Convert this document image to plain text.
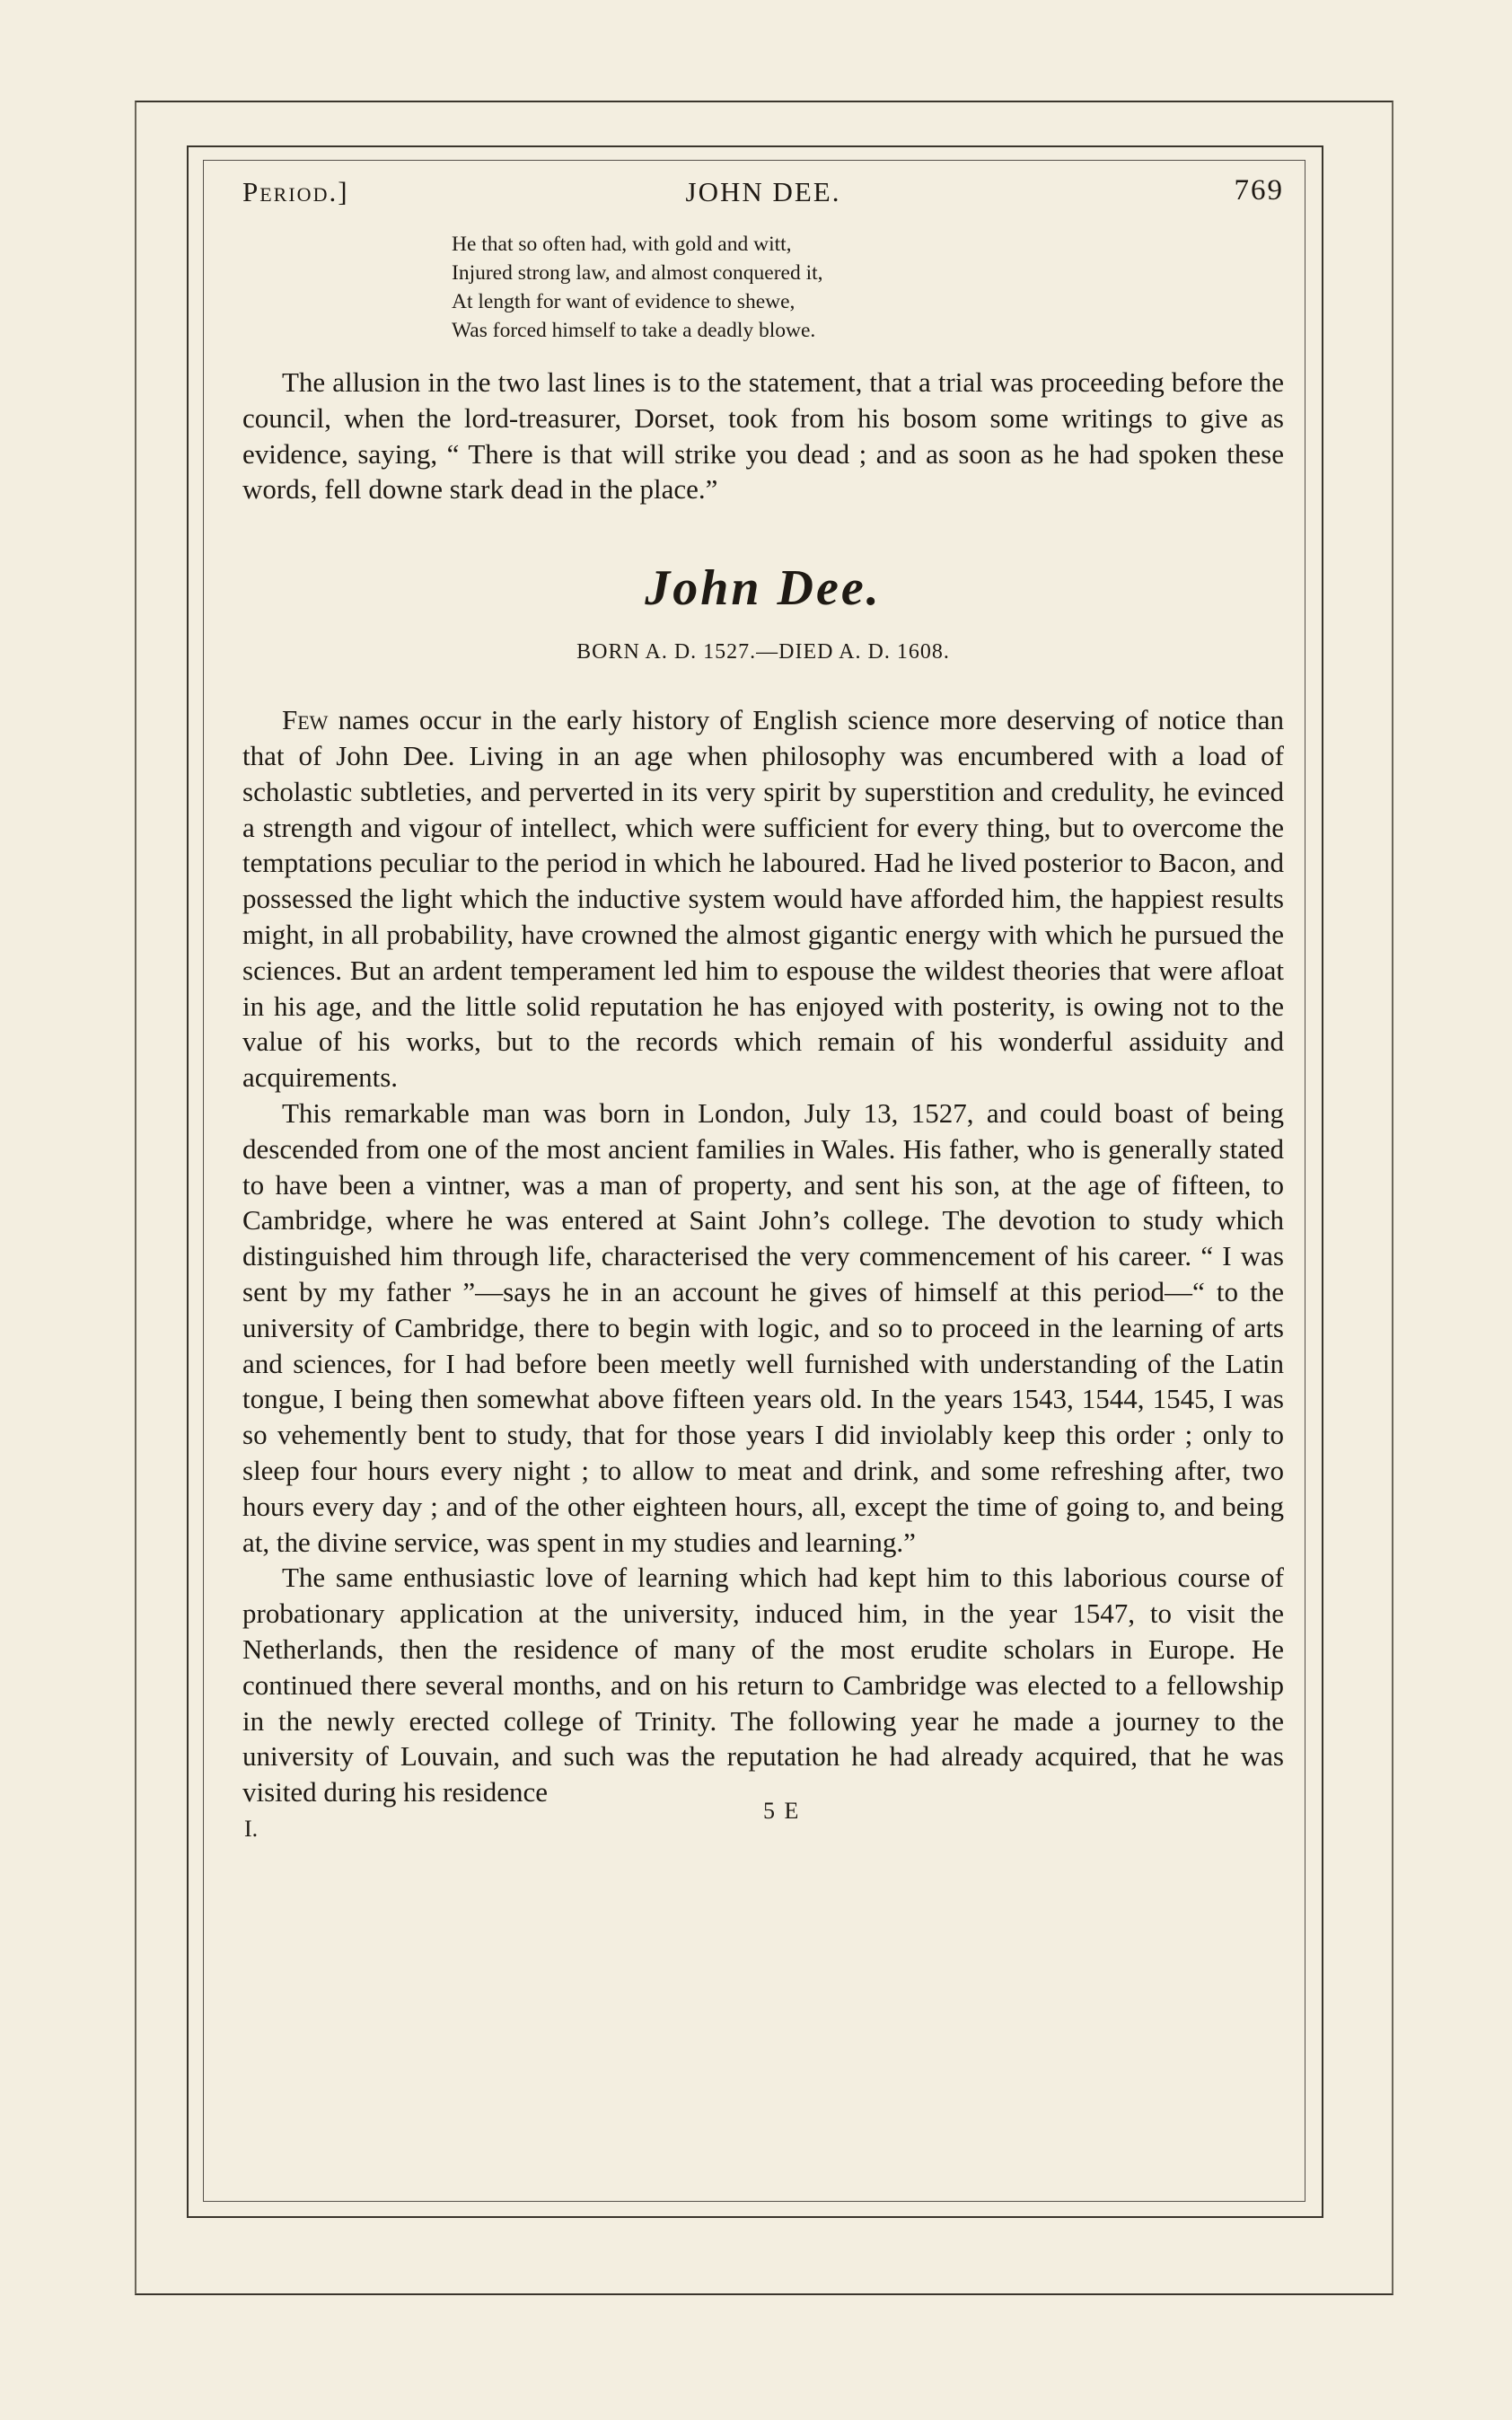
Period.]	JOHN DEE.	769
He that so often had, with gold and witt,
Injured strong law, and almost conquered it,
At length for want of evidence to shewe,
Was forced himself to take a deadly blowe.

The allusion in the two last lines is to the statement, that a trial was proceeding before the council, when the lord-treasurer, Dorset, took from his bosom some writings to give as evidence, saying, “ There is that will strike you dead ; and as soon as he had spoken these words, fell downe stark dead in the place.”

John Dee.
BORN A. D. 1527.—DIED A. D. 1608.

Few names occur in the early history of English science more deserving of notice than that of John Dee. Living in an age when philosophy was encumbered with a load of scholastic subtleties, and perverted in its very spirit by superstition and credulity, he evinced a strength and vigour of intellect, which were sufficient for every thing, but to overcome the temptations peculiar to the period in which he laboured. Had he lived posterior to Bacon, and possessed the light which the inductive system would have afforded him, the happiest results might, in all probability, have crowned the almost gigantic energy with which he pursued the sciences. But an ardent temperament led him to espouse the wildest theories that were afloat in his age, and the little solid reputation he has enjoyed with posterity, is owing not to the value of his works, but to the records which remain of his wonderful assiduity and acquirements.

This remarkable man was born in London, July 13, 1527, and could boast of being descended from one of the most ancient families in Wales. His father, who is generally stated to have been a vintner, was a man of property, and sent his son, at the age of fifteen, to Cambridge, where he was entered at Saint John’s college. The devotion to study which distinguished him through life, characterised the very commencement of his career. “ I was sent by my father ”—says he in an account he gives of himself at this period—“ to the university of Cambridge, there to begin with logic, and so to proceed in the learning of arts and sciences, for I had before been meetly well furnished with understanding of the Latin tongue, I being then somewhat above fifteen years old. In the years 1543, 1544, 1545, I was so vehemently bent to study, that for those years I did inviolably keep this order ; only to sleep four hours every night ; to allow to meat and drink, and some refreshing after, two hours every day ; and of the other eighteen hours, all, except the time of going to, and being at, the divine service, was spent in my studies and learning.”

The same enthusiastic love of learning which had kept him to this laborious course of probationary application at the university, induced him, in the year 1547, to visit the Netherlands, then the residence of many of the most erudite scholars in Europe. He continued there several months, and on his return to Cambridge was elected to a fellowship in the newly erected college of Trinity. The following year he made a journey to the university of Louvain, and such was the reputation he had already acquired, that he was visited during his residence

I.
5 E
